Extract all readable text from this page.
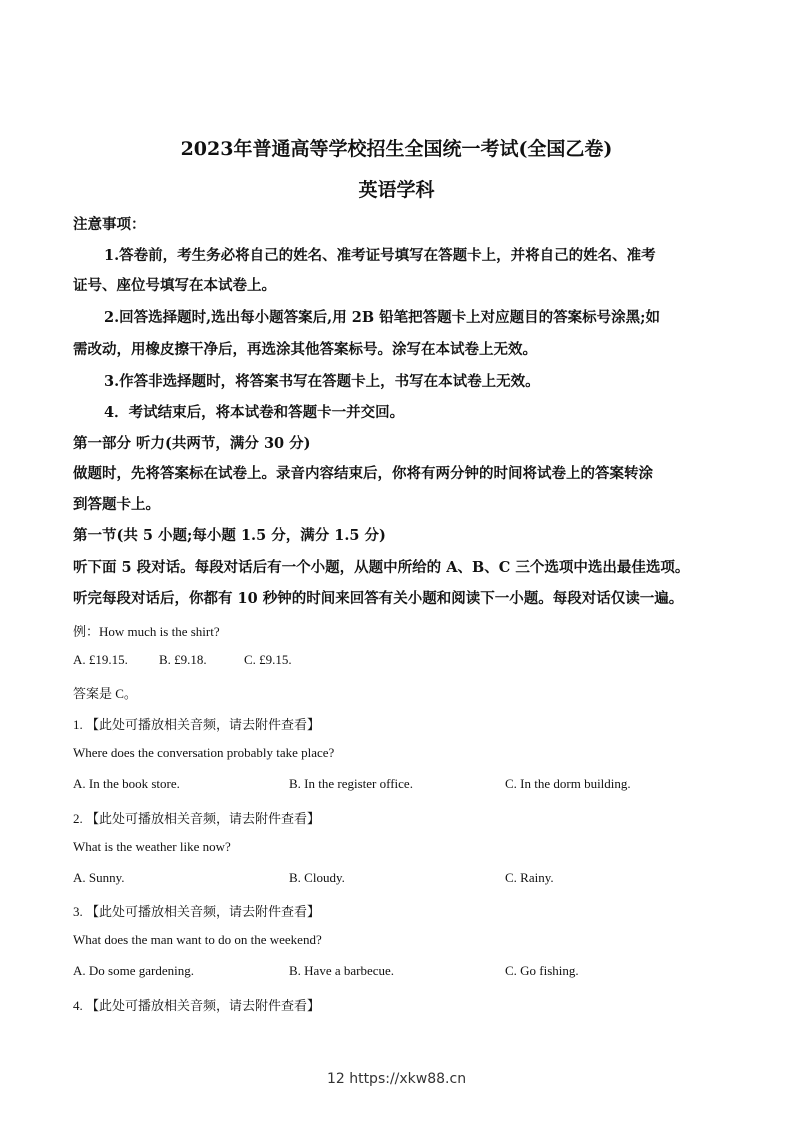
2023年普通高等学校招生全国统一考试(全国乙卷)
英语学科
注意事项：
1.答卷前，考生务必将自己的姓名、准考证号填写在答题卡上，并将自己的姓名、准考
证号、座位号填写在本试卷上。
2.回答选择题时,选出每小题答案后,用 2B 铅笔把答题卡上对应题目的答案标号涂黑;如
需改动，用橡皮擦干净后，再选涂其他答案标号。涂写在本试卷上无效。
3.作答非选择题时，将答案书写在答题卡上，书写在本试卷上无效。
4．考试结束后，将本试卷和答题卡一并交回。
第一部分 听力(共两节，满分 30 分)
做题时，先将答案标在试卷上。录音内容结束后，你将有两分钟的时间将试卷上的答案转涂
到答题卡上。
第一节(共 5 小题;每小题 1.5 分，满分 1.5 分)
听下面 5 段对话。每段对话后有一个小题，从题中所给的 A、B、C 三个选项中选出最佳选项。
听完每段对话后，你都有 10 秒钟的时间来回答有关小题和阅读下一小题。每段对话仅读一遍。
例：How much is the shirt?
A. £19.15. B. £9.18.	C. £9.15.
答案是 C。
1. 【此处可播放相关音频，请去附件查看】
Where does the conversation probably take place?
A. In the book store.	B. In the register office.	C. In the dorm building.
2. 【此处可播放相关音频，请去附件查看】
What is the weather like now?
A. Sunny.	B. Cloudy.	C. Rainy.
3. 【此处可播放相关音频，请去附件查看】
What does the man want to do on the weekend?
A. Do some gardening.	B. Have a barbecue.	C. Go fishing.
4. 【此处可播放相关音频，请去附件查看】
12 https://xkw88.cn
